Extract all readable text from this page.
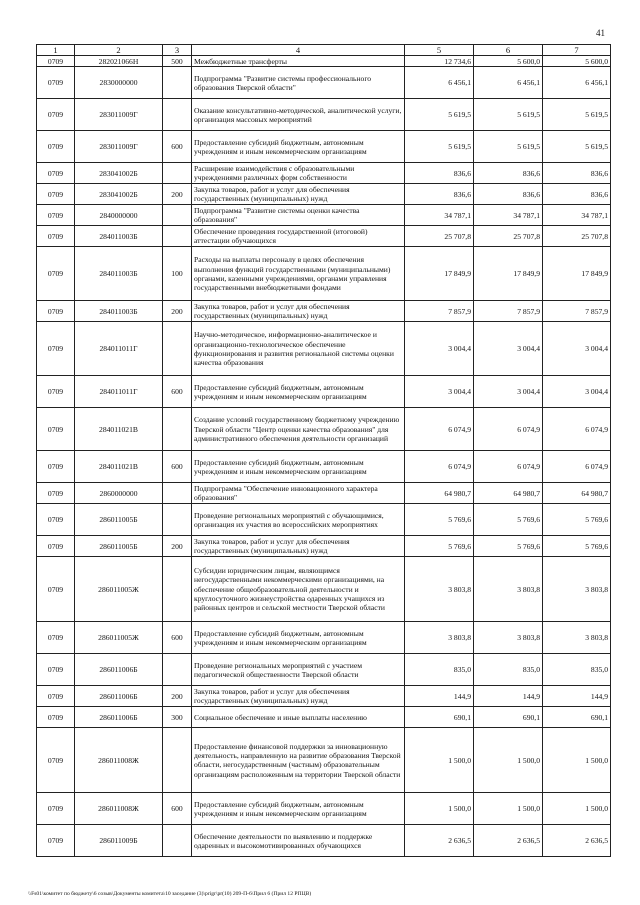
41
1	2	3	4	5	6	7
0709	282021066Н	500	Межбюджетные трансферты	12 734,6	5 600,0	5 600,0
0709	2830000000		Подпрограмма "Развитие системы профессионального образования Тверской области"	6 456,1	6 456,1	6 456,1
0709	283011009Г		Оказание консультативно-методической, аналитической услуги, организация массовых мероприятий	5 619,5	5 619,5	5 619,5
0709	283011009Г	600	Предоставление субсидий бюджетным, автономным учреждениям и иным некоммерческим организациям	5 619,5	5 619,5	5 619,5
0709	283041002Б		Расширение взаимодействия с образовательными учреждениями различных форм собственности	836,6	836,6	836,6
0709	283041002Б	200	Закупка товаров, работ и услуг для обеспечения государственных (муниципальных) нужд	836,6	836,6	836,6
0709	2840000000		Подпрограмма "Развитие системы оценки качества образования"	34 787,1	34 787,1	34 787,1
0709	284011003Б		Обеспечение проведения государственной (итоговой) аттестации обучающихся	25 707,8	25 707,8	25 707,8
0709	284011003Б	100	Расходы на выплаты персоналу в целях обеспечения выполнения функций государственными (муниципальными) органами, казенными учреждениями, органами управления государственными внебюджетными фондами	17 849,9	17 849,9	17 849,9
0709	284011003Б	200	Закупка товаров, работ и услуг для обеспечения государственных (муниципальных) нужд	7 857,9	7 857,9	7 857,9
0709	284011011Г		Научно-методическое, информационно-аналитическое и организационно-технологическое обеспечение функционирования и развития региональной системы оценки качества образования	3 004,4	3 004,4	3 004,4
0709	284011011Г	600	Предоставление субсидий бюджетным, автономным учреждениям и иным некоммерческим организациям	3 004,4	3 004,4	3 004,4
0709	284011021В		Создание условий государственному бюджетному учреждению Тверской области "Центр оценки качества образования" для административного обеспечения деятельности организаций	6 074,9	6 074,9	6 074,9
0709	284011021В	600	Предоставление субсидий бюджетным, автономным учреждениям и иным некоммерческим организациям	6 074,9	6 074,9	6 074,9
0709	2860000000		Подпрограмма "Обеспечение инновационного характера образования"	64 980,7	64 980,7	64 980,7
0709	286011005Б		Проведение региональных мероприятий с обучающимися, организация их участия во всероссийских мероприятиях	5 769,6	5 769,6	5 769,6
0709	286011005Б	200	Закупка товаров, работ и услуг для обеспечения государственных (муниципальных) нужд	5 769,6	5 769,6	5 769,6
0709	286011005Ж		Субсидии юридическим лицам, являющимся негосударственными некоммерческими организациями, на обеспечение общеобразовательной деятельности и круглосуточного жизнеустройства одаренных учащихся из районных центров и сельской местности Тверской области	3 803,8	3 803,8	3 803,8
0709	286011005Ж	600	Предоставление субсидий бюджетным, автономным учреждениям и иным некоммерческим организациям	3 803,8	3 803,8	3 803,8
0709	286011006Б		Проведение региональных мероприятий с участием педагогической общественности Тверской области	835,0	835,0	835,0
0709	286011006Б	200	Закупка товаров, работ и услуг для обеспечения государственных (муниципальных) нужд	144,9	144,9	144,9
0709	286011006Б	300	Социальное обеспечение и иные выплаты населению	690,1	690,1	690,1
0709	286011008Ж		Предоставление финансовой поддержки за инновационную деятельность, направленную на развитие образования Тверской области, негосударственным (частным) образовательным организациям расположенным на территории Тверской области	1 500,0	1 500,0	1 500,0
0709	286011008Ж	600	Предоставление субсидий бюджетным, автономным учреждениям и иным некоммерческим организациям	1 500,0	1 500,0	1 500,0
0709	286011009Б		Обеспечение деятельности по выявлению и поддержке одаренных и высокомотивированных обучающихся	2 636,5	2 636,5	2 636,5
\\Fs01\комитет по бюджету\6 созыв\Документы комитета\10 заседание (3)\prigr\pr(10) 209-П-6\Прил 6 (Прил 12 РПЦВ)
